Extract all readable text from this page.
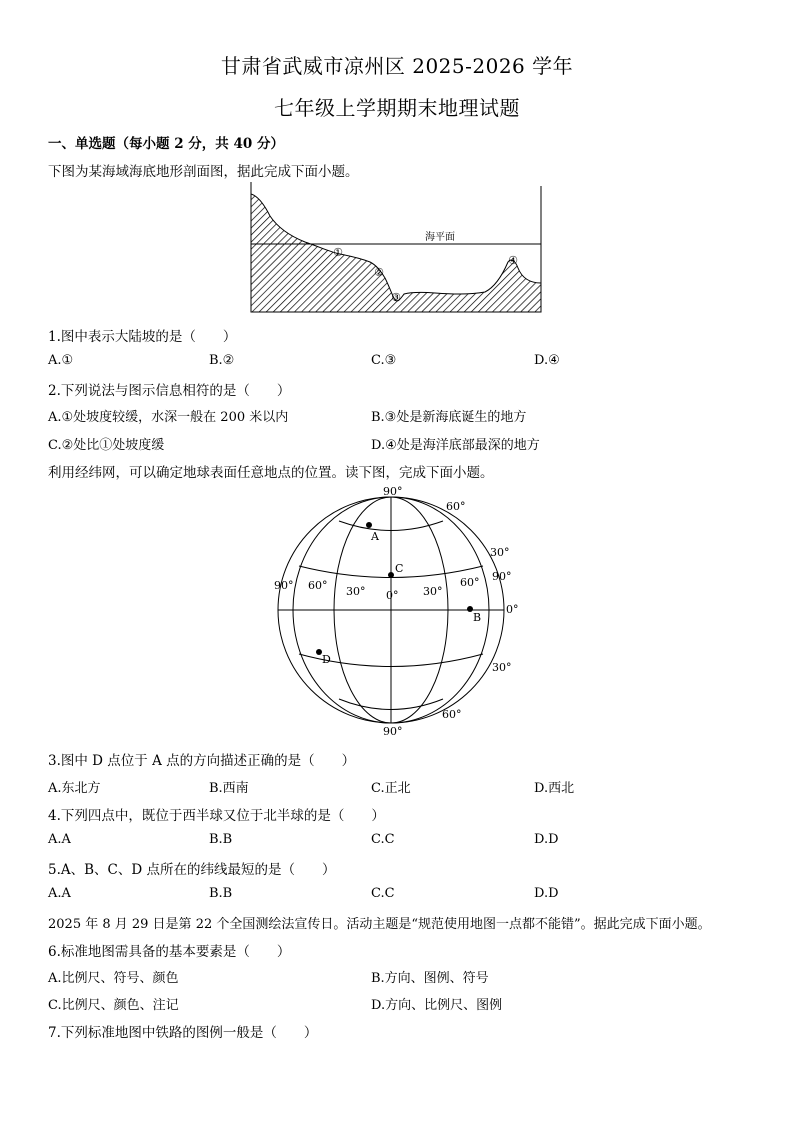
甘肃省武威市凉州区 2025-2026 学年
七年级上学期期末地理试题
一、单选题（每小题 2 分，共 40 分）
下图为某海域海底地形剖面图，据此完成下面小题。
海平面
①
②
③
④
1.图中表示大陆坡的是（　　）
A.①	B.②	C.③	D.④
2.下列说法与图示信息相符的是（　　）
A.①处坡度较缓，水深一般在 200 米以内	B.③处是新海底诞生的地方
C.②处比①处坡度缓	D.④处是海洋底部最深的地方
利用经纬网，可以确定地球表面任意地点的位置。读下图，完成下面小题。
A
B
C
D
90°
90°
60°
30°
0°
30°
60°
90° 60° 30° 0° 30°
60° 90°
3.图中 D 点位于 A 点的方向描述正确的是（　　）
A.东北方	B.西南	C.正北	D.西北
4.下列四点中，既位于西半球又位于北半球的是（　　）
A.A	B.B	C.C	D.D
5.A、B、C、D 点所在的纬线最短的是（　　）
A.A	B.B	C.C	D.D
2025 年 8 月 29 日是第 22 个全国测绘法宣传日。活动主题是“规范使用地图一点都不能错”。据此完成下面小题。
6.标准地图需具备的基本要素是（　　）
A.比例尺、符号、颜色	B.方向、图例、符号
C.比例尺、颜色、注记	D.方向、比例尺、图例
7.下列标准地图中铁路的图例一般是（　　）
